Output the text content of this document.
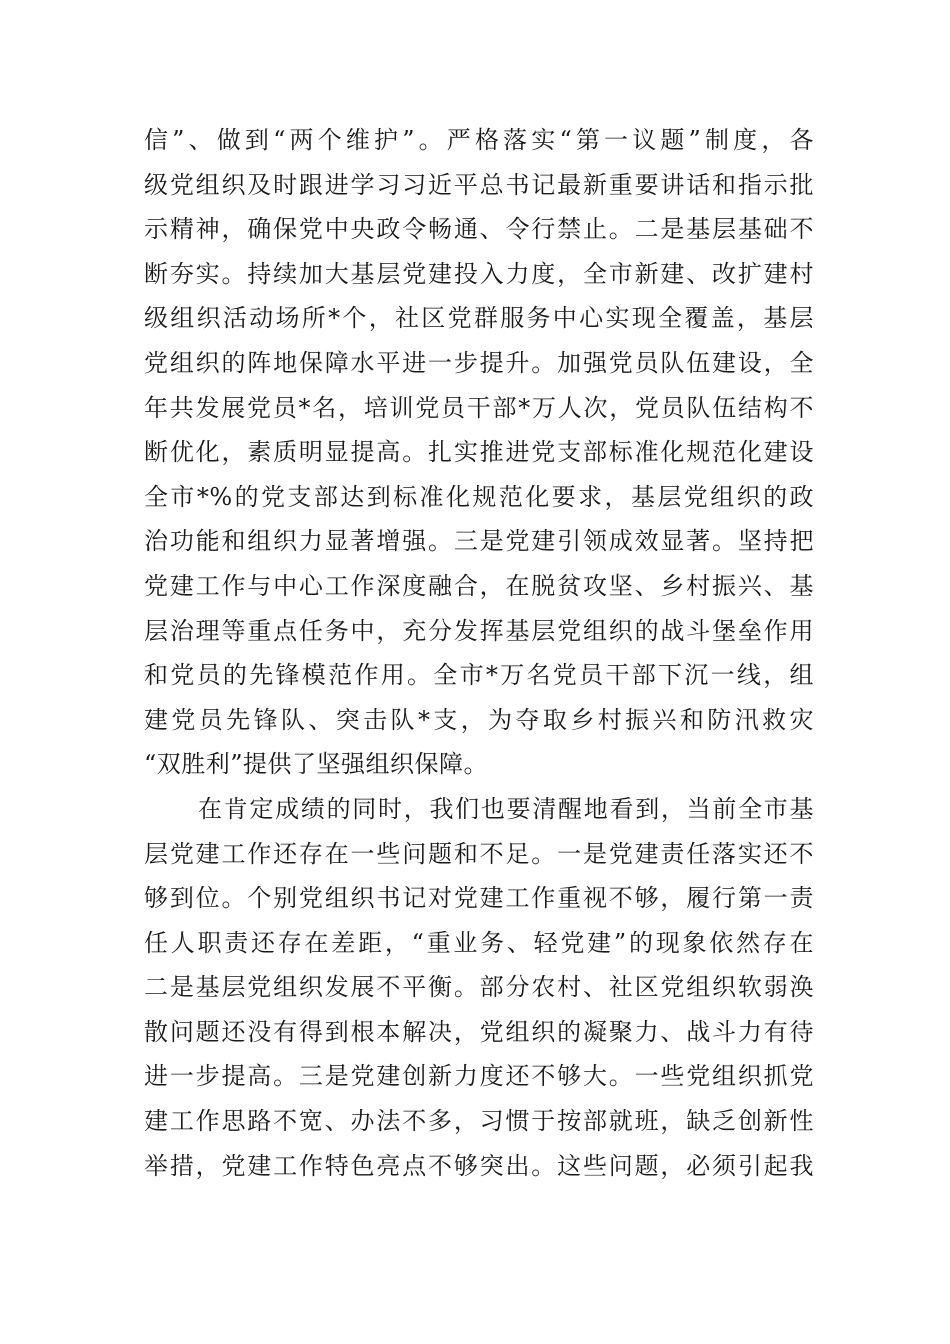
信”、做到“两个维护”。严格落实“第一议题”制度，各
级党组织及时跟进学习习近平总书记最新重要讲话和指示批
示精神，确保党中央政令畅通、令行禁止。二是基层基础不
断夯实。持续加大基层党建投入力度，全市新建、改扩建村
级组织活动场所*个，社区党群服务中心实现全覆盖，基层
党组织的阵地保障水平进一步提升。加强党员队伍建设，全
年共发展党员*名，培训党员干部*万人次，党员队伍结构不
断优化，素质明显提高。扎实推进党支部标准化规范化建设
全市*%的党支部达到标准化规范化要求，基层党组织的政
治功能和组织力显著增强。三是党建引领成效显著。坚持把
党建工作与中心工作深度融合，在脱贫攻坚、乡村振兴、基
层治理等重点任务中，充分发挥基层党组织的战斗堡垒作用
和党员的先锋模范作用。全市*万名党员干部下沉一线，组
建党员先锋队、突击队*支，为夺取乡村振兴和防汛救灾
“双胜利”提供了坚强组织保障。
在肯定成绩的同时，我们也要清醒地看到，当前全市基
层党建工作还存在一些问题和不足。一是党建责任落实还不
够到位。个别党组织书记对党建工作重视不够，履行第一责
任人职责还存在差距，“重业务、轻党建”的现象依然存在
二是基层党组织发展不平衡。部分农村、社区党组织软弱涣
散问题还没有得到根本解决，党组织的凝聚力、战斗力有待
进一步提高。三是党建创新力度还不够大。一些党组织抓党
建工作思路不宽、办法不多，习惯于按部就班，缺乏创新性
举措，党建工作特色亮点不够突出。这些问题，必须引起我
